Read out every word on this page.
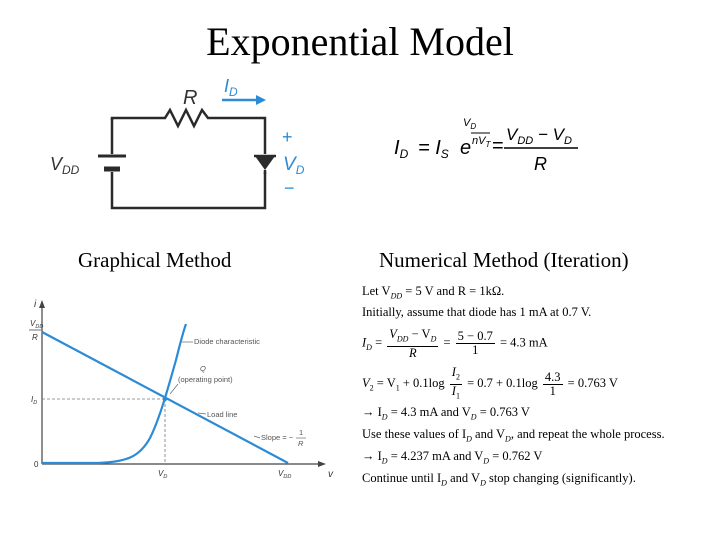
Exponential Model
R
$I_D$
+
$V_D$
−
$V_{DD}$
$I_D = I_S$ e
$V_D$
$nV_T$ =
$V_{DD} - V_D$
R
Graphical Method	Numerical Method (Iteration)
i
v
$V_{DD}$
R
$I_D$
0
$V_D$	$V_{DD}$
Diode characteristic
Q
(operating point)
Load line
Slope = −
1
R
Let $V_{DD} = 5$ V and R = 1kΩ.
Initially, assume that diode has 1 mA at 0.7 V.
$I_D = \frac{V_{DD} - V_D}{R} = \frac{5 - 0.7}{1} = 4.3$ mA
$V_2 = V_1 + 0.1\log \frac{I_2}{I_1} = 0.7 + 0.1\log \frac{4.3}{1} = 0.763$ V
→ $I_D = 4.3$ mA and $V_D = 0.763$ V
Use these values of $I_D$ and $V_D$, and repeat the whole process.
→ $I_D = 4.237$ mA and $V_D = 0.762$ V
Continue until $I_D$ and $V_D$ stop changing (significantly).
